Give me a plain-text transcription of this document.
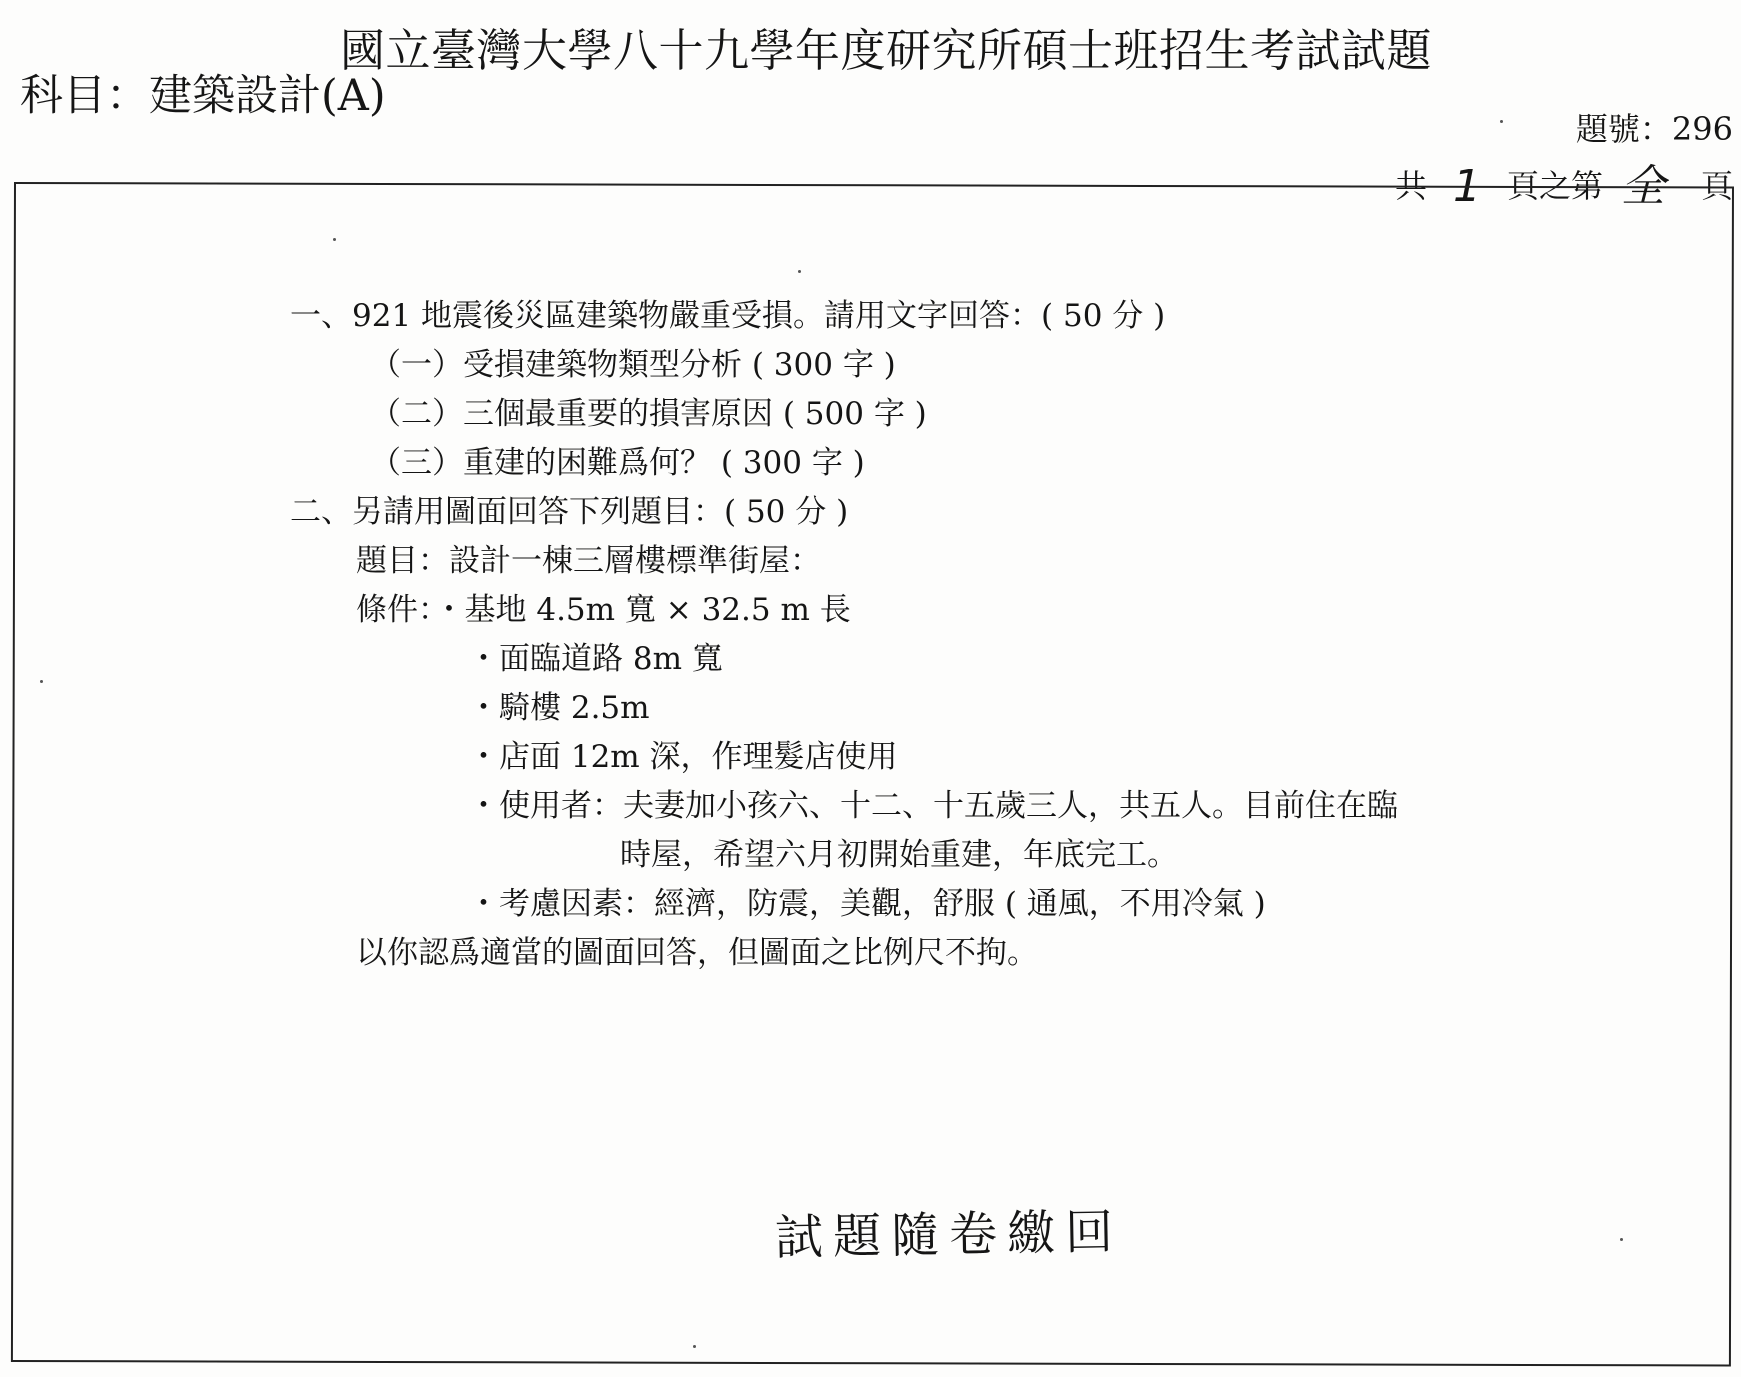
國立臺灣大學八十九學年度研究所碩士班招生考試試題
科目：建築設計(A)
題號：296
共 1 頁之第 全 頁
一、921 地震後災區建築物嚴重受損。請用文字回答：( 50 分 )
（一）受損建築物類型分析 ( 300 字 )
（二）三個最重要的損害原因 ( 500 字 )
（三）重建的困難爲何？ ( 300 字 )
二、另請用圖面回答下列題目：( 50 分 )
題目：設計一棟三層樓標準街屋：
條件：・基地 4.5m 寬 × 32.5 m 長
・面臨道路 8m 寬
・騎樓 2.5m
・店面 12m 深，作理髮店使用
・使用者：夫妻加小孩六、十二、十五歲三人，共五人。目前住在臨
時屋，希望六月初開始重建，年底完工。
・考慮因素：經濟，防震，美觀，舒服 ( 通風，不用冷氣 )
以你認爲適當的圖面回答，但圖面之比例尺不拘。
試題隨卷繳回
